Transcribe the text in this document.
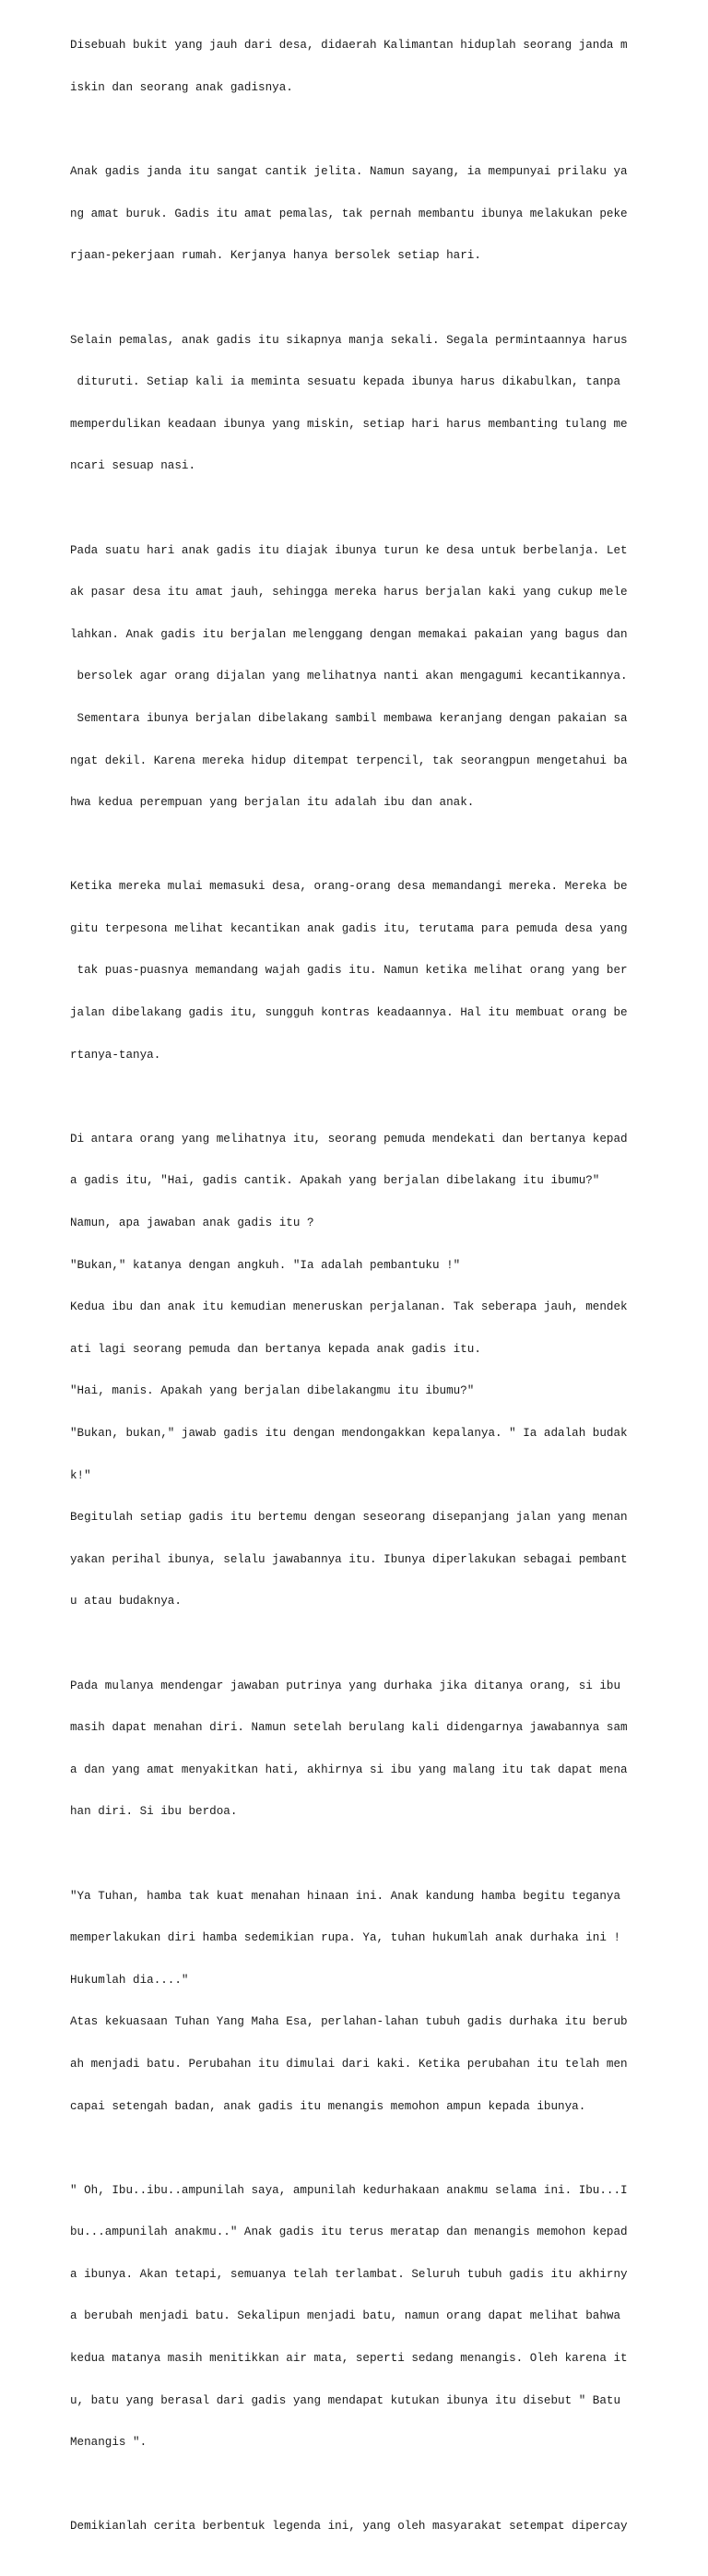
Disebuah bukit yang jauh dari desa, didaerah Kalimantan hiduplah seorang janda m

iskin dan seorang anak gadisnya.

Anak gadis janda itu sangat cantik jelita. Namun sayang, ia mempunyai prilaku ya

ng amat buruk. Gadis itu amat pemalas, tak pernah membantu ibunya melakukan peke

rjaan-pekerjaan rumah. Kerjanya hanya bersolek setiap hari.

Selain pemalas, anak gadis itu sikapnya manja sekali. Segala permintaannya harus

dituruti. Setiap kali ia meminta sesuatu kepada ibunya harus dikabulkan, tanpa

memperdulikan keadaan ibunya yang miskin, setiap hari harus membanting tulang me

ncari sesuap nasi.

Pada suatu hari anak gadis itu diajak ibunya turun ke desa untuk berbelanja. Let

ak pasar desa itu amat jauh, sehingga mereka harus berjalan kaki yang cukup mele

lahkan. Anak gadis itu berjalan melenggang dengan memakai pakaian yang bagus dan

bersolek agar orang dijalan yang melihatnya nanti akan mengagumi kecantikannya.

Sementara ibunya berjalan dibelakang sambil membawa keranjang dengan pakaian sa

ngat dekil. Karena mereka hidup ditempat terpencil, tak seorangpun mengetahui ba

hwa kedua perempuan yang berjalan itu adalah ibu dan anak.

Ketika mereka mulai memasuki desa, orang-orang desa memandangi mereka. Mereka be

gitu terpesona melihat kecantikan anak gadis itu, terutama para pemuda desa yang

tak puas-puasnya memandang wajah gadis itu. Namun ketika melihat orang yang ber

jalan dibelakang gadis itu, sungguh kontras keadaannya. Hal itu membuat orang be

rtanya-tanya.

Di antara orang yang melihatnya itu, seorang pemuda mendekati dan bertanya kepad

a gadis itu, "Hai, gadis cantik. Apakah yang berjalan dibelakang itu ibumu?"

Namun, apa jawaban anak gadis itu ?

"Bukan," katanya dengan angkuh. "Ia adalah pembantuku !"

Kedua ibu dan anak itu kemudian meneruskan perjalanan. Tak seberapa jauh, mendek

ati lagi seorang pemuda dan bertanya kepada anak gadis itu.

"Hai, manis. Apakah yang berjalan dibelakangmu itu ibumu?"

"Bukan, bukan," jawab gadis itu dengan mendongakkan kepalanya. " Ia adalah budak

k!"

Begitulah setiap gadis itu bertemu dengan seseorang disepanjang jalan yang menan

yakan perihal ibunya, selalu jawabannya itu. Ibunya diperlakukan sebagai pembant

u atau budaknya.

Pada mulanya mendengar jawaban putrinya yang durhaka jika ditanya orang, si ibu

masih dapat menahan diri. Namun setelah berulang kali didengarnya jawabannya sam

a dan yang amat menyakitkan hati, akhirnya si ibu yang malang itu tak dapat mena

han diri. Si ibu berdoa.

"Ya Tuhan, hamba tak kuat menahan hinaan ini. Anak kandung hamba begitu teganya

memperlakukan diri hamba sedemikian rupa. Ya, tuhan hukumlah anak durhaka ini !

Hukumlah dia...."

Atas kekuasaan Tuhan Yang Maha Esa, perlahan-lahan tubuh gadis durhaka itu berub

ah menjadi batu. Perubahan itu dimulai dari kaki. Ketika perubahan itu telah men

capai setengah badan, anak gadis itu menangis memohon ampun kepada ibunya.

" Oh, Ibu..ibu..ampunilah saya, ampunilah kedurhakaan anakmu selama ini. Ibu...I

bu...ampunilah anakmu.." Anak gadis itu terus meratap dan menangis memohon kepad

a ibunya. Akan tetapi, semuanya telah terlambat. Seluruh tubuh gadis itu akhirny

a berubah menjadi batu. Sekalipun menjadi batu, namun orang dapat melihat bahwa

kedua matanya masih menitikkan air mata, seperti sedang menangis. Oleh karena it

u, batu yang berasal dari gadis yang mendapat kutukan ibunya itu disebut " Batu

Menangis ".

Demikianlah cerita berbentuk legenda ini, yang oleh masyarakat setempat dipercay
